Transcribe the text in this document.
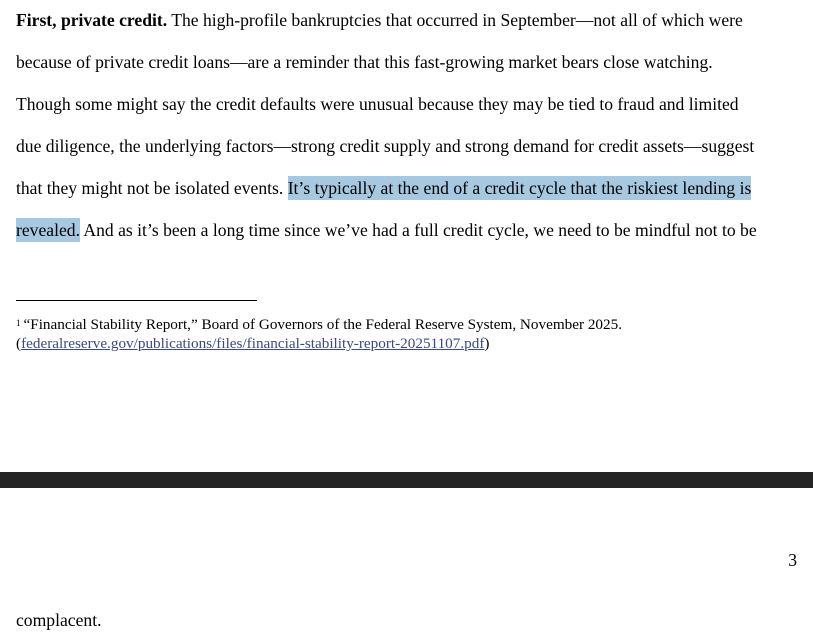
First, private credit. The high-profile bankruptcies that occurred in September—not all of which were
because of private credit loans—are a reminder that this fast-growing market bears close watching.
Though some might say the credit defaults were unusual because they may be tied to fraud and limited
due diligence, the underlying factors—strong credit supply and strong demand for credit assets—suggest
that they might not be isolated events. It’s typically at the end of a credit cycle that the riskiest lending is
revealed. And as it’s been a long time since we’ve had a full credit cycle, we need to be mindful not to be
$^1$ “Financial Stability Report,” Board of Governors of the Federal Reserve System, November 2025.
(federalreserve.gov/publications/files/financial-stability-report-20251107.pdf)
3
complacent.
